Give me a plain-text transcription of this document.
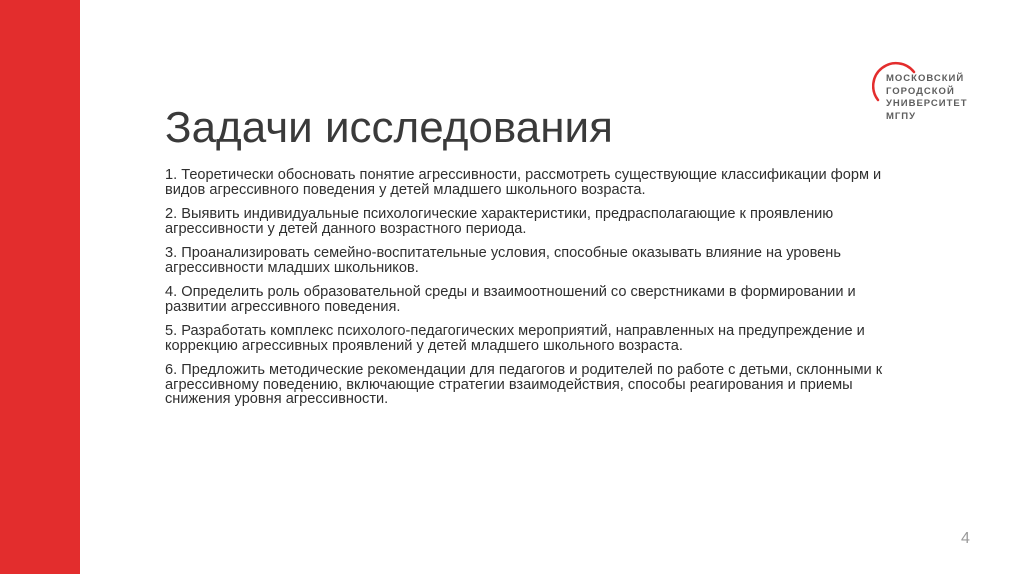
МОСКОВСКИЙ
ГОРОДСКОЙ
УНИВЕРСИТЕТ
МГПУ
Задачи исследования

1. Теоретически обосновать понятие агрессивности, рассмотреть существующие классификации форм и видов агрессивного поведения у детей младшего школьного возраста.

2. Выявить индивидуальные психологические характеристики, предрасполагающие к проявлению агрессивности у детей данного возрастного периода.

3. Проанализировать семейно-воспитательные условия, способные оказывать влияние на уровень агрессивности младших школьников.

4. Определить роль образовательной среды и взаимоотношений со сверстниками в формировании и развитии агрессивного поведения.

5. Разработать комплекс психолого-педагогических мероприятий, направленных на предупреждение и коррекцию агрессивных проявлений у детей младшего школьного возраста.

6. Предложить методические рекомендации для педагогов и родителей по работе с детьми, склонными к агрессивному поведению, включающие стратегии взаимодействия, способы реагирования и приемы снижения уровня агрессивности.

4
